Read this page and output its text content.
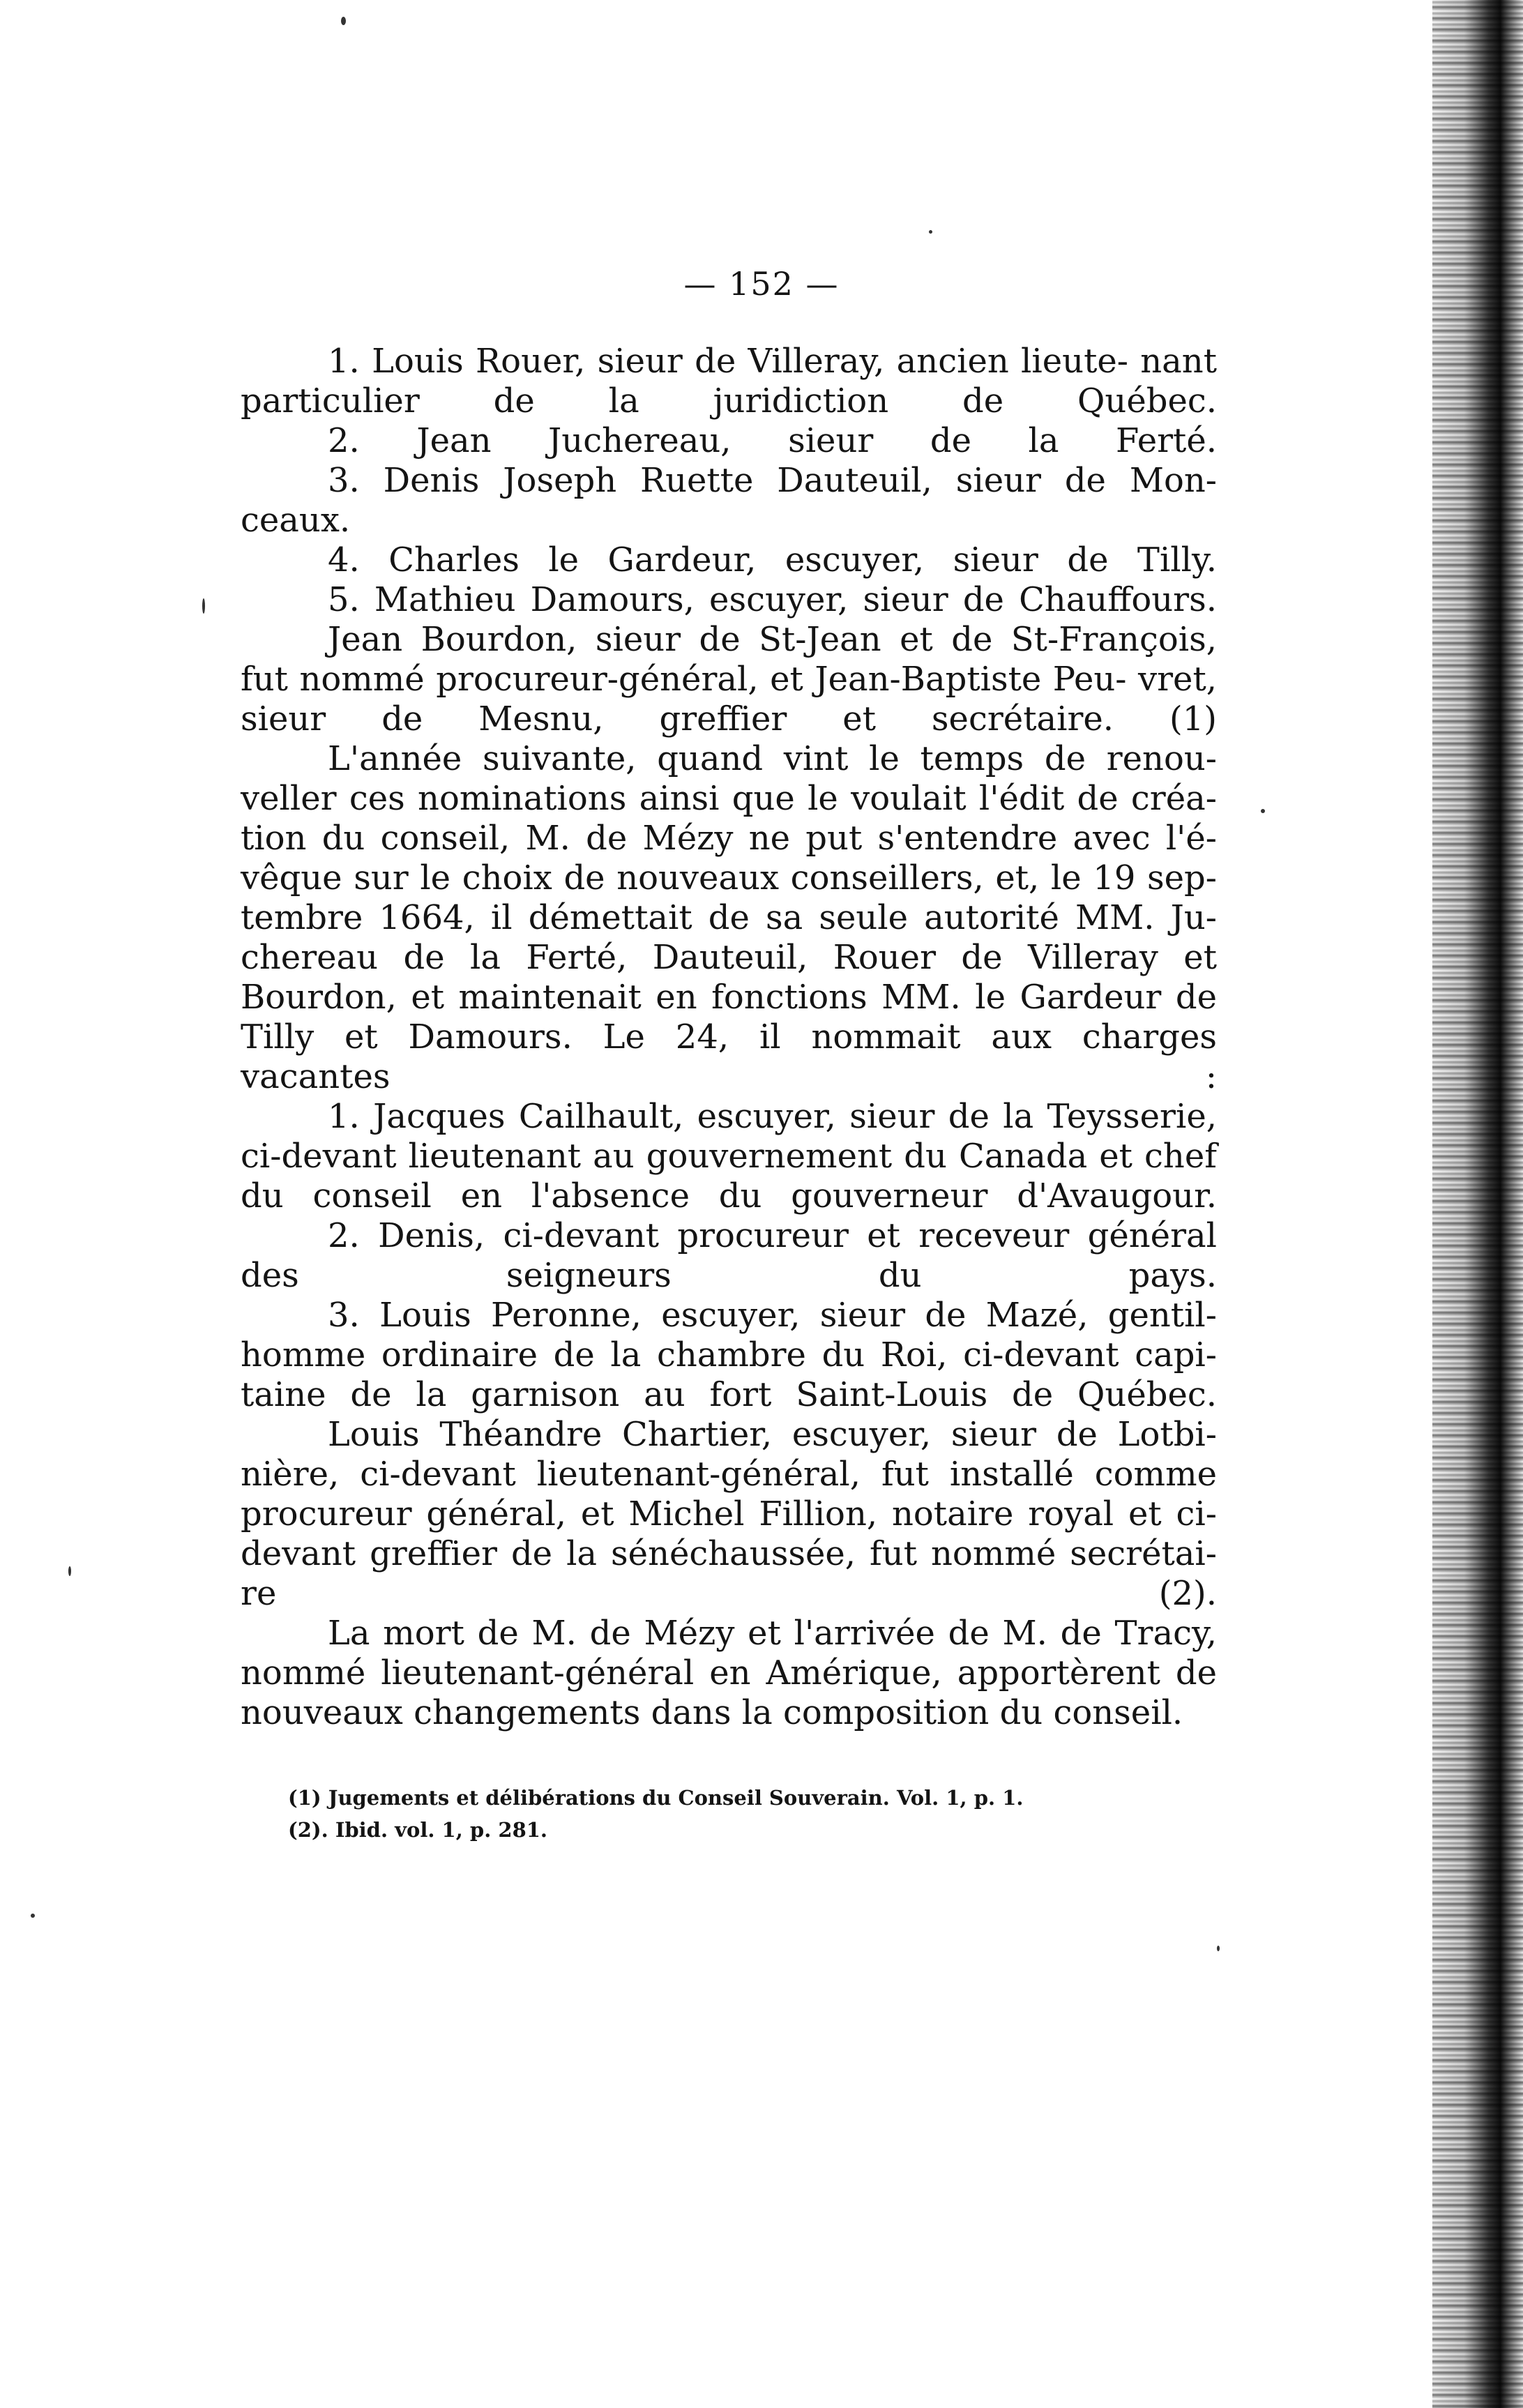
— 152 —

1. Louis Rouer, sieur de Villeray, ancien lieute- nant particulier de la juridiction de Québec.

2. Jean Juchereau, sieur de la Ferté.

3. Denis Joseph Ruette Dauteuil, sieur de Mon- ceaux.

4. Charles le Gardeur, escuyer, sieur de Tilly.

5. Mathieu Damours, escuyer, sieur de Chauffours.

Jean Bourdon, sieur de St-Jean et de St-François, fut nommé procureur-général, et Jean-Baptiste Peu- vret, sieur de Mesnu, greffier et secrétaire. (1)

L'année suivante, quand vint le temps de renou- veller ces nominations ainsi que le voulait l'édit de créa- tion du conseil, M. de Mézy ne put s'entendre avec l'é- vêque sur le choix de nouveaux conseillers, et, le 19 sep- tembre 1664, il démettait de sa seule autorité MM. Ju- chereau de la Ferté, Dauteuil, Rouer de Villeray et Bourdon, et maintenait en fonctions MM. le Gardeur de Tilly et Damours. Le 24, il nommait aux charges vacantes :

1. Jacques Cailhault, escuyer, sieur de la Teysserie, ci-devant lieutenant au gouvernement du Canada et chef du conseil en l'absence du gouverneur d'Avaugour.

2. Denis, ci-devant procureur et receveur général des seigneurs du pays.

3. Louis Peronne, escuyer, sieur de Mazé, gentil- homme ordinaire de la chambre du Roi, ci-devant capi- taine de la garnison au fort Saint-Louis de Québec.

Louis Théandre Chartier, escuyer, sieur de Lotbi- nière, ci-devant lieutenant-général, fut installé comme procureur général, et Michel Fillion, notaire royal et ci- devant greffier de la sénéchaussée, fut nommé secrétai- re (2).

La mort de M. de Mézy et l'arrivée de M. de Tracy, nommé lieutenant-général en Amérique, apportèrent de nouveaux changements dans la composition du conseil.

(1) Jugements et délibérations du Conseil Souverain. Vol. 1, p. 1.
(2). Ibid. vol. 1, p. 281.
